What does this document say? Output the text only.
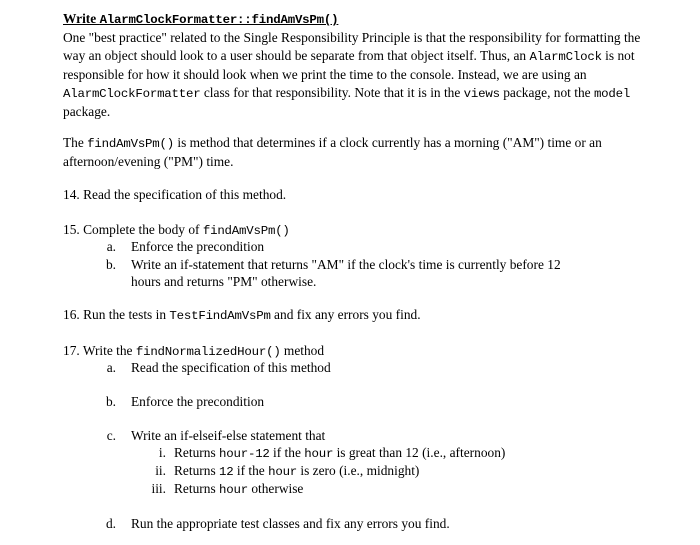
Write AlarmClockFormatter::findAmVsPm()
One "best practice" related to the Single Responsibility Principle is that the responsibility for formatting the way an object should look to a user should be separate from that object itself. Thus, an AlarmClock is not responsible for how it should look when we print the time to the console. Instead, we are using an AlarmClockFormatter class for that responsibility. Note that it is in the views package, not the model package.
The findAmVsPm() is method that determines if a clock currently has a morning ("AM") time or an afternoon/evening ("PM") time.
14. Read the specification of this method.
15. Complete the body of findAmVsPm()
a. Enforce the precondition
b. Write an if-statement that returns "AM" if the clock's time is currently before 12
hours and returns "PM" otherwise.
16. Run the tests in TestFindAmVsPm and fix any errors you find.
17. Write the findNormalizedHour() method
a. Read the specification of this method
b. Enforce the precondition
c. Write an if-elseif-else statement that
i. Returns hour-12 if the hour is great than 12 (i.e., afternoon)
ii. Returns 12 if the hour is zero (i.e., midnight)
iii. Returns hour otherwise
d. Run the appropriate test classes and fix any errors you find.
